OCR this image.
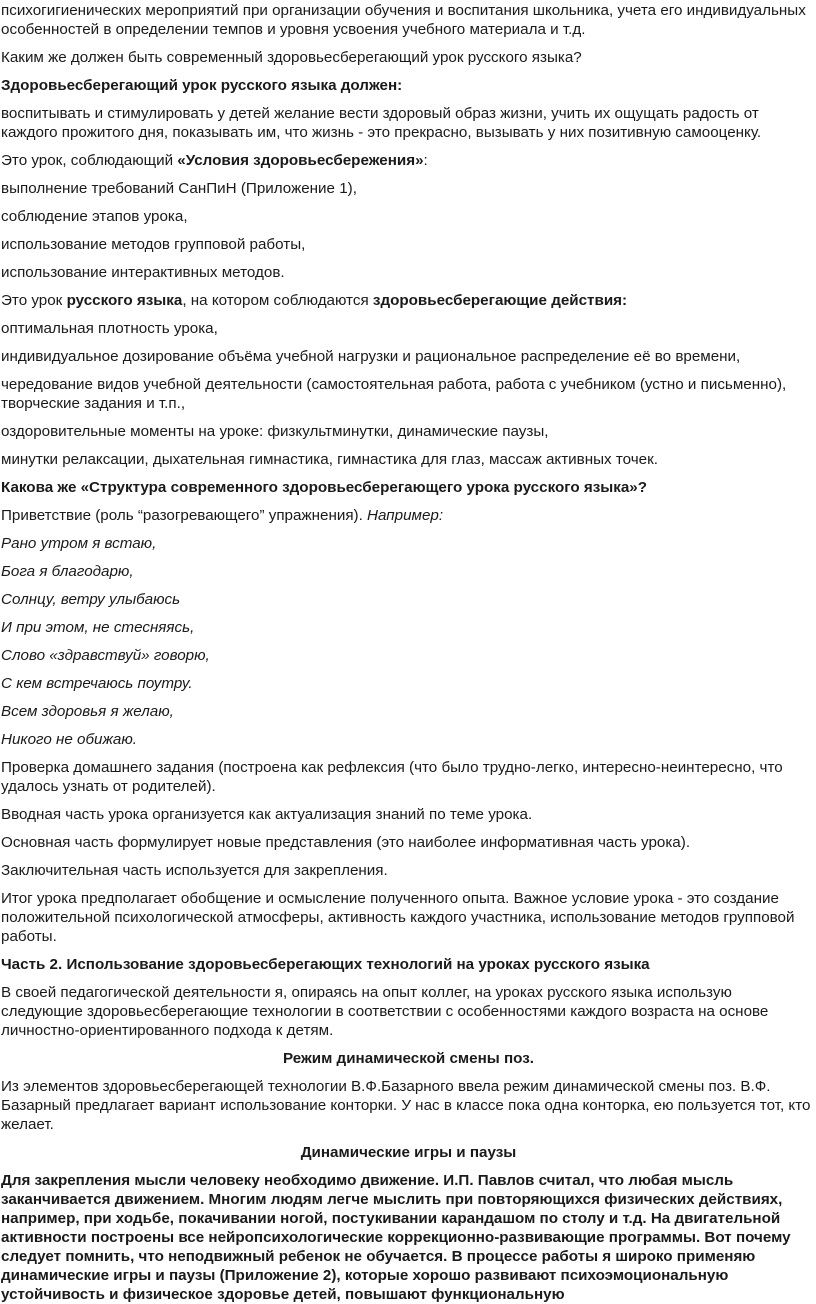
психогигиенических мероприятий при организации обучения и воспитания школьника, учета его индивидуальных особенностей в определении темпов и уровня усвоения учебного материала и т.д.

Каким же должен быть современный здоровьесберегающий урок русского языка?

Здоровьесберегающий урок русского языка должен:

воспитывать и стимулировать у детей желание вести здоровый образ жизни, учить их ощущать радость от каждого прожитого дня, показывать им, что жизнь - это прекрасно, вызывать у них позитивную самооценку.

Это урок, соблюдающий «Условия здоровьесбережения»:

выполнение требований СанПиН (Приложение 1),

соблюдение этапов урока,

использование методов групповой работы,

использование интерактивных методов.

Это урок русского языка, на котором соблюдаются здоровьесберегающие действия:

оптимальная плотность урока,

индивидуальное дозирование объёма учебной нагрузки и рациональное распределение её во времени,

чередование видов учебной деятельности (самостоятельная работа, работа с учебником (устно и письменно), творческие задания и т.п.,

оздоровительные моменты на уроке: физкультминутки, динамические паузы,

минутки релаксации, дыхательная гимнастика, гимнастика для глаз, массаж активных точек.

Какова же «Структура современного здоровьесберегающего урока русского языка»?

Приветствие (роль “разогревающего” упражнения). Например:

Рано утром я встаю,

Бога я благодарю,

Солнцу, ветру улыбаюсь

И при этом, не стесняясь,

Слово «здравствуй» говорю,

С кем встречаюсь поутру.

Всем здоровья я желаю,

Никого не обижаю.

Проверка домашнего задания (построена как рефлексия (что было трудно-легко, интересно-неинтересно, что удалось узнать от родителей).

Вводная часть урока организуется как актуализация знаний по теме урока.

Основная часть формулирует новые представления (это наиболее информативная часть урока).

Заключительная часть используется для закрепления.

Итог урока предполагает обобщение и осмысление полученного опыта. Важное условие урока - это создание положительной психологической атмосферы, активность каждого участника, использование методов групповой работы.

Часть 2. Использование здоровьесберегающих технологий на уроках русского языка

В своей педагогической деятельности я, опираясь на опыт коллег, на уроках русского языка использую следующие здоровьесберегающие технологии в соответствии с особенностями каждого возраста на основе личностно-ориентированного подхода к детям.

Режим динамической смены поз.

Из элементов здоровьесберегающей технологии В.Ф.Базарного ввела режим динамической смены поз. В.Ф. Базарный предлагает вариант использование конторки. У нас в классе пока одна конторка, ею пользуется тот, кто желает.

Динамические игры и паузы

Для закрепления мысли человеку необходимо движение. И.П. Павлов считал, что любая мысль заканчивается движением. Многим людям легче мыслить при повторяющихся физических действиях, например, при ходьбе, покачивании ногой, постукивании карандашом по столу и т.д. На двигательной активности построены все нейропсихологические коррекционно-развивающие программы. Вот почему следует помнить, что неподвижный ребенок не обучается. В процессе работы я широко применяю динамические игры и паузы (Приложение 2), которые хорошо развивают психоэмоциональную устойчивость и физическое здоровье детей, повышают функциональную
